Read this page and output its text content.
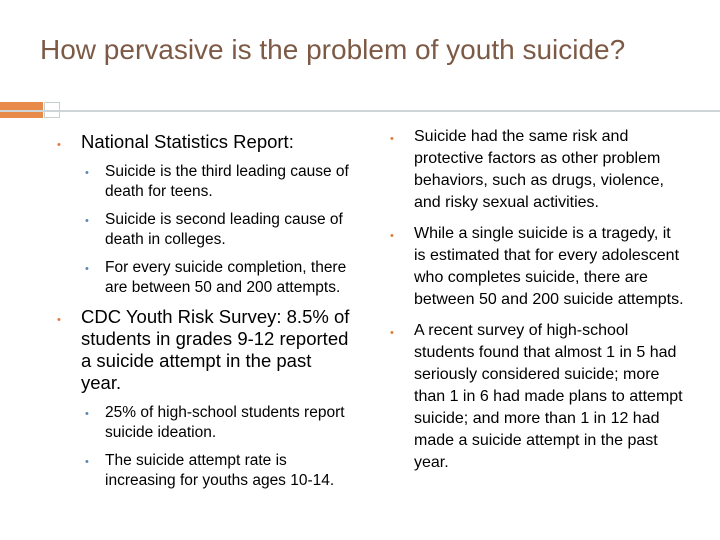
How pervasive is the problem of youth suicide?
• National Statistics Report:
• Suicide is the third leading cause of death for teens.
• Suicide is second leading cause of death in colleges.
• For every suicide completion, there are between 50 and 200 attempts.
• CDC Youth Risk Survey: 8.5% of students in grades 9-12 reported a suicide attempt in the past year.
• 25% of high-school students report suicide ideation.
• The suicide attempt rate is increasing for youths ages 10-14.
• Suicide had the same risk and protective factors as other problem behaviors, such as drugs, violence, and risky sexual activities.
• While a single suicide is a tragedy, it is estimated that for every adolescent who completes suicide, there are between 50 and 200 suicide attempts.
• A recent survey of high-school students found that almost 1 in 5 had seriously considered suicide; more than 1 in 6 had made plans to attempt suicide; and more than 1 in 12 had made a suicide attempt in the past year.
